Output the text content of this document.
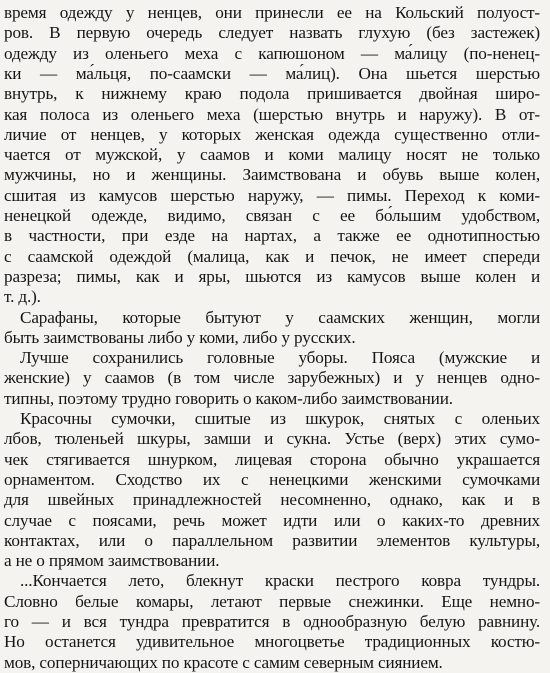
время одежду у ненцев, они принесли ее на Кольский полуост-
ров. В первую очередь следует назвать глухую (без застежек)
одежду из оленьего меха с капюшоном — ма́лицу (по-ненец-
ки — ма́льця, по-саамски — ма́лиц). Она шьется шерстью
внутрь, к нижнему краю подола пришивается двойная широ-
кая полоса из оленьего меха (шерстью внутрь и наружу). В от-
личие от ненцев, у которых женская одежда существенно отли-
чается от мужской, у саамов и коми малицу носят не только
мужчины, но и женщины. Заимствована и обувь выше колен,
сшитая из камусов шерстью наружу, — пимы. Переход к коми-
ненецкой одежде, видимо, связан с ее бо́льшим удобством,
в частности, при езде на нартах, а также ее однотипностью
с саамской одеждой (малица, как и печок, не имеет спереди
разреза; пимы, как и яры, шьются из камусов выше колен и
т. д.).
Сарафаны, которые бытуют у саамских женщин, могли
быть заимствованы либо у коми, либо у русских.
Лучше сохранились головные уборы. Пояса (мужские и
женские) у саамов (в том числе зарубежных) и у ненцев одно-
типны, поэтому трудно говорить о каком-либо заимствовании.
Красочны сумочки, сшитые из шкурок, снятых с оленьих
лбов, тюленьей шкуры, замши и сукна. Устье (верх) этих сумо-
чек стягивается шнурком, лицевая сторона обычно украшается
орнаментом. Сходство их с ненецкими женскими сумочками
для швейных принадлежностей несомненно, однако, как и в
случае с поясами, речь может идти или о каких-то древних
контактах, или о параллельном развитии элементов культуры,
а не о прямом заимствовании.
...Кончается лето, блекнут краски пестрого ковра тундры.
Словно белые комары, летают первые снежинки. Еще немно-
го — и вся тундра превратится в однообразную белую равнину.
Но останется удивительное многоцветье традиционных костю-
мов, соперничающих по красоте с самим северным сиянием.
